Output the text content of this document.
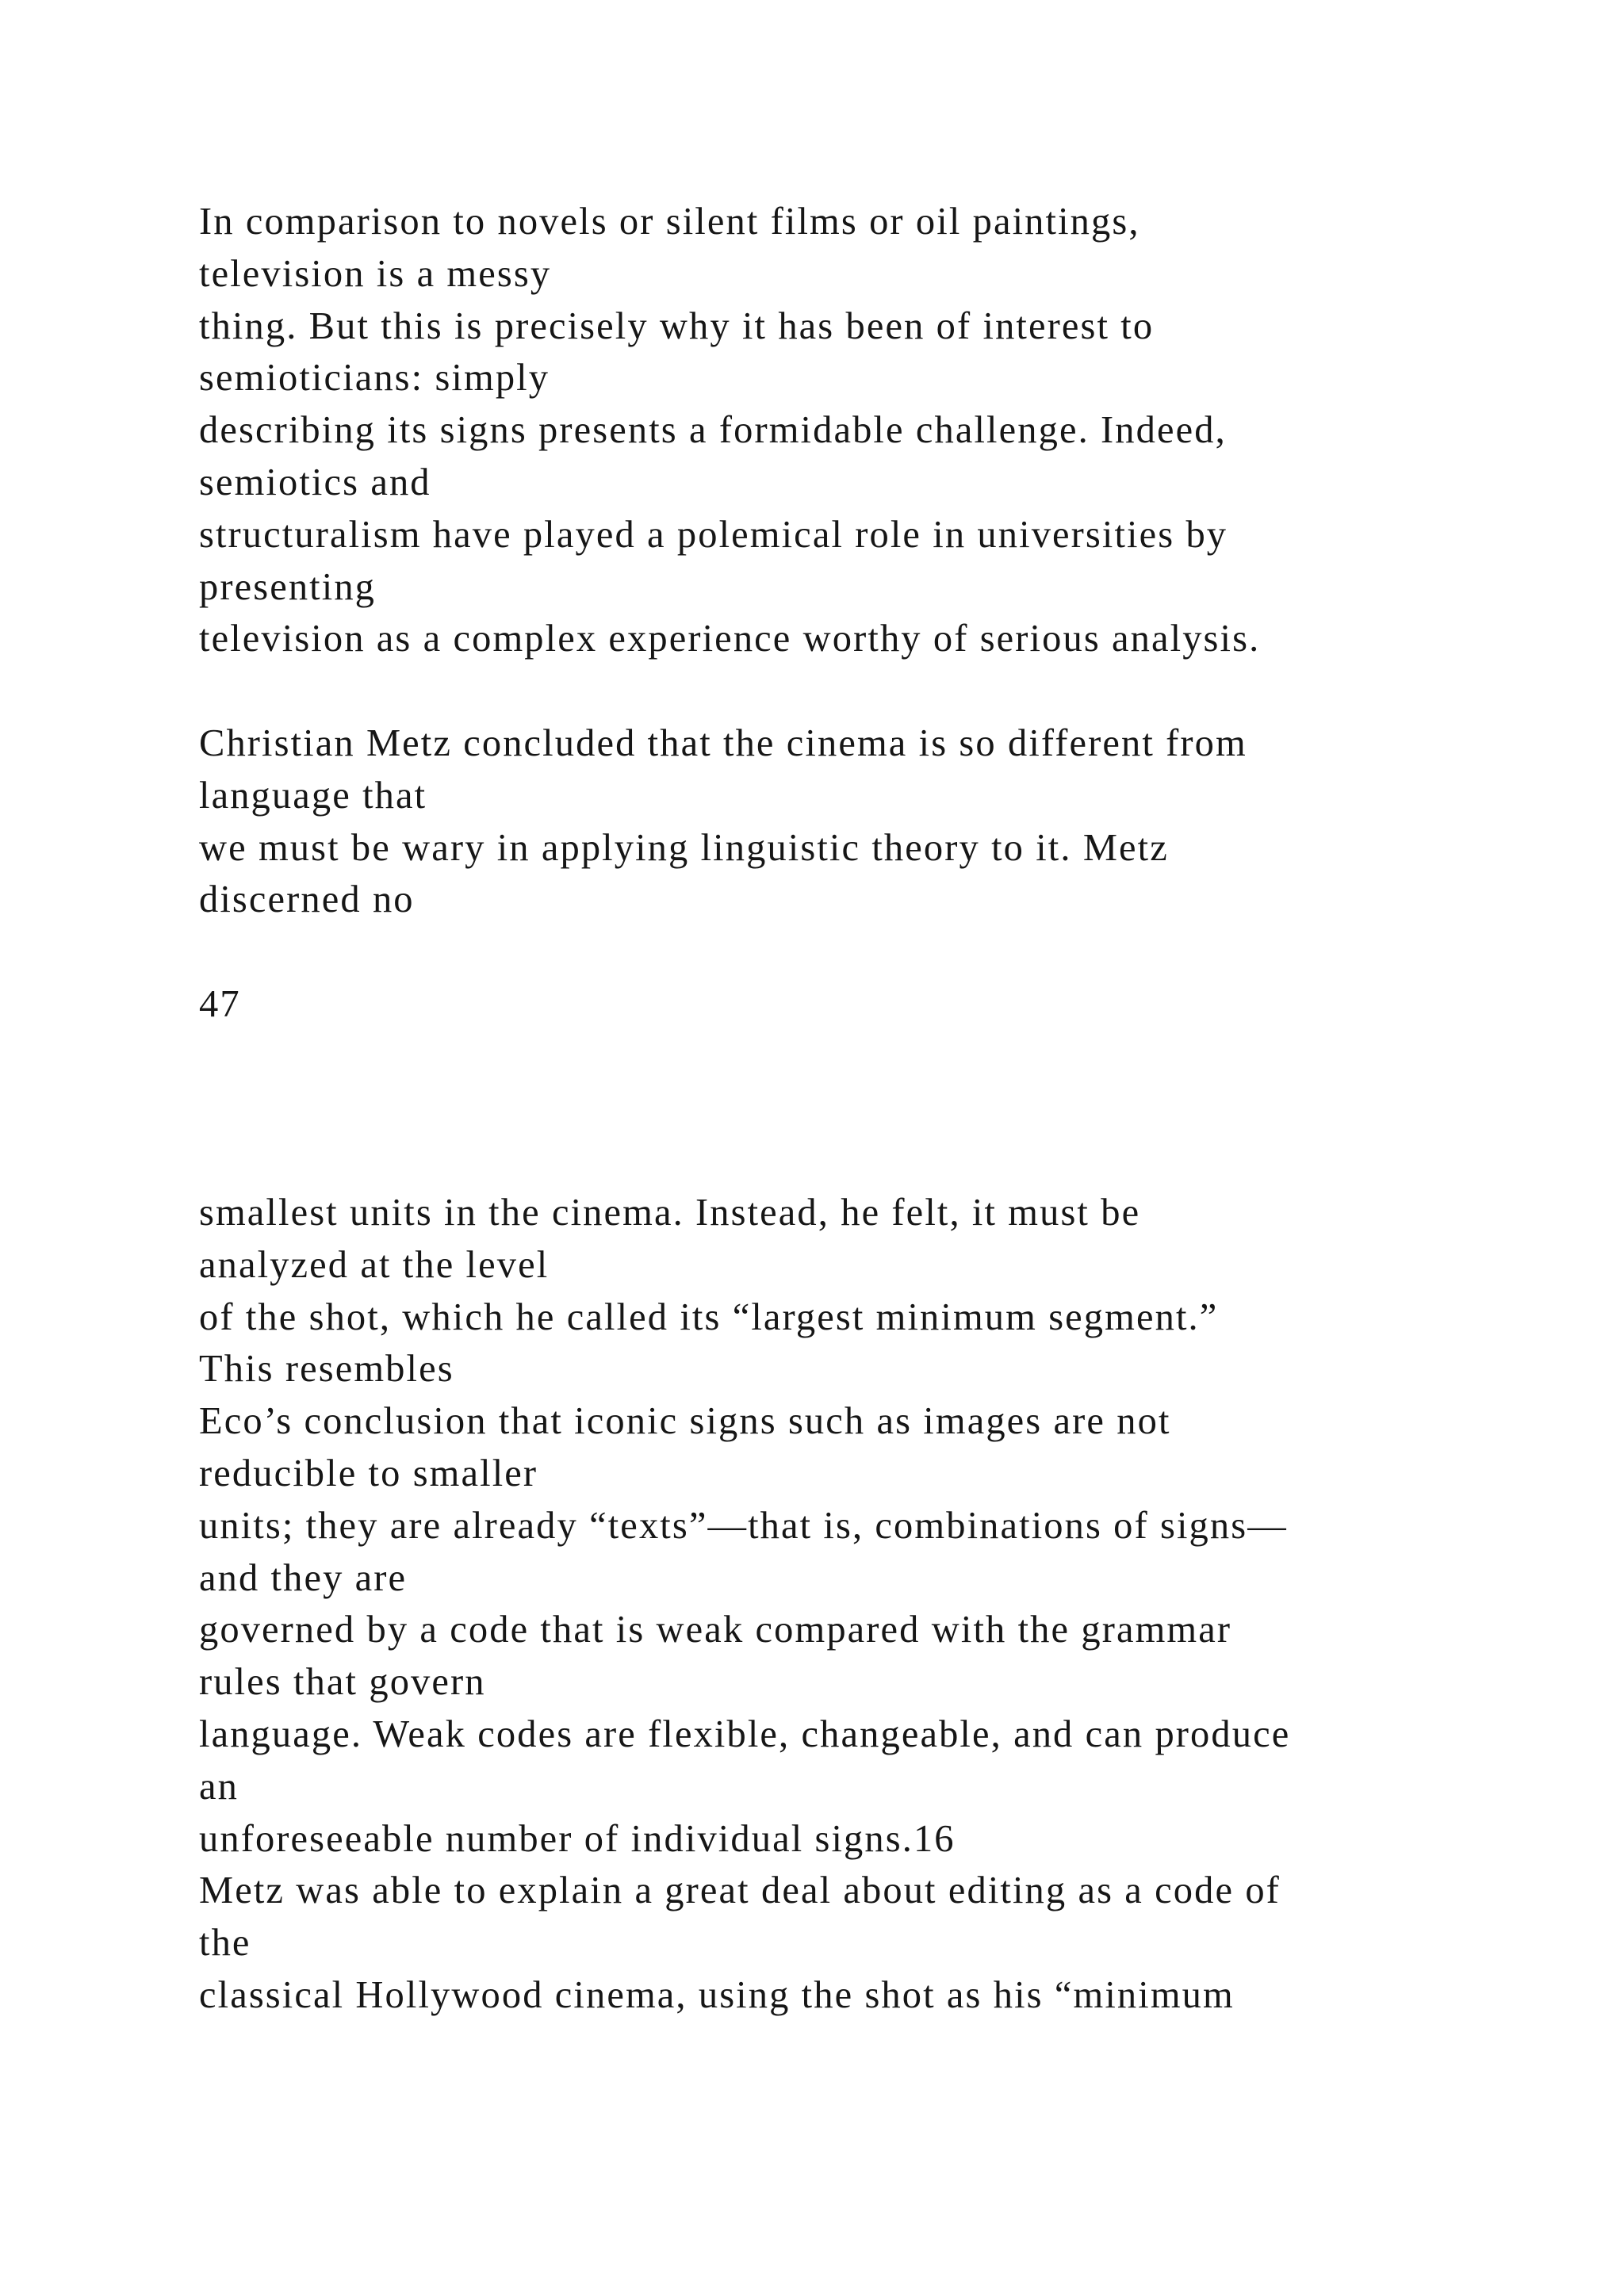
In comparison to novels or silent films or oil paintings,
television is a messy
thing. But this is precisely why it has been of interest to
semioticians: simply
describing its signs presents a formidable challenge. Indeed,
semiotics and
structuralism have played a polemical role in universities by
presenting
television as a complex experience worthy of serious analysis.
Christian Metz concluded that the cinema is so different from
language that
we must be wary in applying linguistic theory to it. Metz
discerned no
47
smallest units in the cinema. Instead, he felt, it must be
analyzed at the level
of the shot, which he called its “largest minimum segment.”
This resembles
Eco’s conclusion that iconic signs such as images are not
reducible to smaller
units; they are already “texts”—that is, combinations of signs—
and they are
governed by a code that is weak compared with the grammar
rules that govern
language. Weak codes are flexible, changeable, and can produce
an
unforeseeable number of individual signs.16
Metz was able to explain a great deal about editing as a code of
the
classical Hollywood cinema, using the shot as his “minimum
